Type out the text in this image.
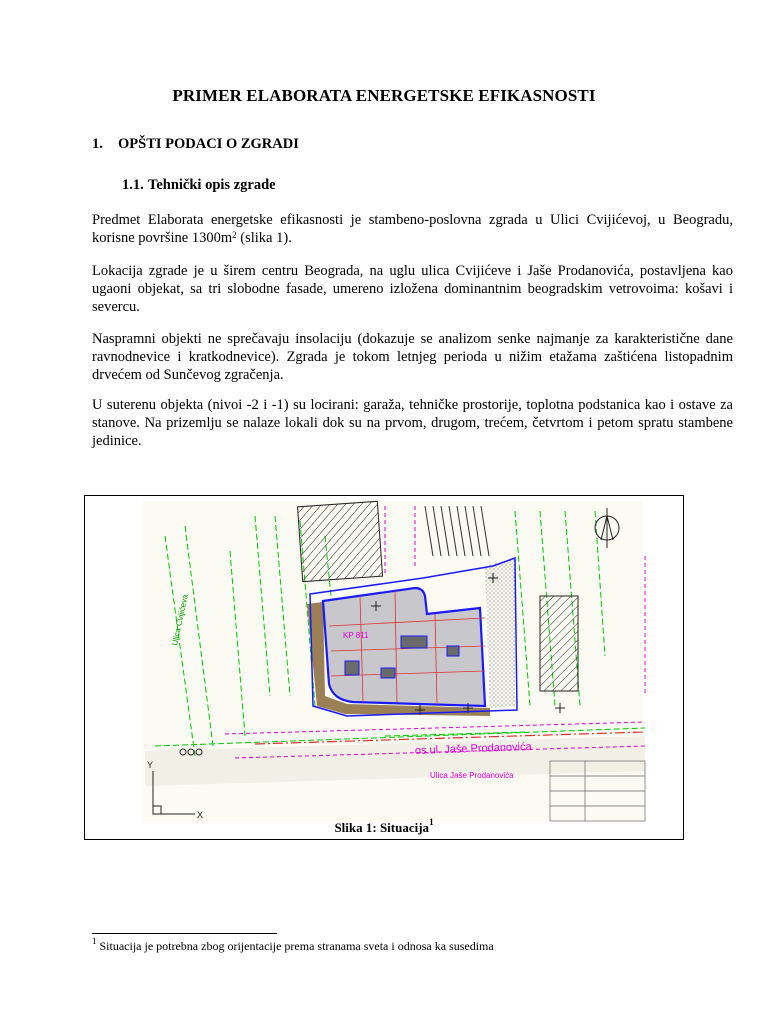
PRIMER ELABORATA ENERGETSKE EFIKASNOSTI
1. OPŠTI PODACI O ZGRADI
1.1. Tehnički opis zgrade
Predmet Elaborata energetske efikasnosti je stambeno-poslovna zgrada u Ulici Cvijićevoj, u Beogradu, korisne površine $1300m^2$ (slika 1).
Lokacija zgrade je u širem centru Beograda, na uglu ulica Cvijićeve i Jaše Prodanovića, postavljena kao ugaoni objekat, sa tri slobodne fasade, umereno izložena dominantnim beogradskim vetrovoima: košavi i severcu.
Naspramni objekti ne sprečavaju insolaciju (dokazuje se analizom senke najmanje za karakteristične dane ravnodnevice i kratkodnevice). Zgrada je tokom letnjeg perioda u nižim etažama zaštićena listopadnim drvećem od Sunčevog zgračenja.
U suterenu objekta (nivoi -2 i -1) su locirani: garaža, tehničke prostorije, toplotna podstanica kao i ostave za stanove. Na prizemlju se nalaze lokali dok su na prvom, drugom, trećem, četvrtom i petom spratu stambene jedinice.
KP 811
os.ul. Jaše Prodanovića
Ulica Jaše Prodanovića
Ulica Cvijićeva
Y
X
Slika 1: Situacija$^1$
$^1$ Situacija je potrebna zbog orijentacije prema stranama sveta i odnosa ka susedima
